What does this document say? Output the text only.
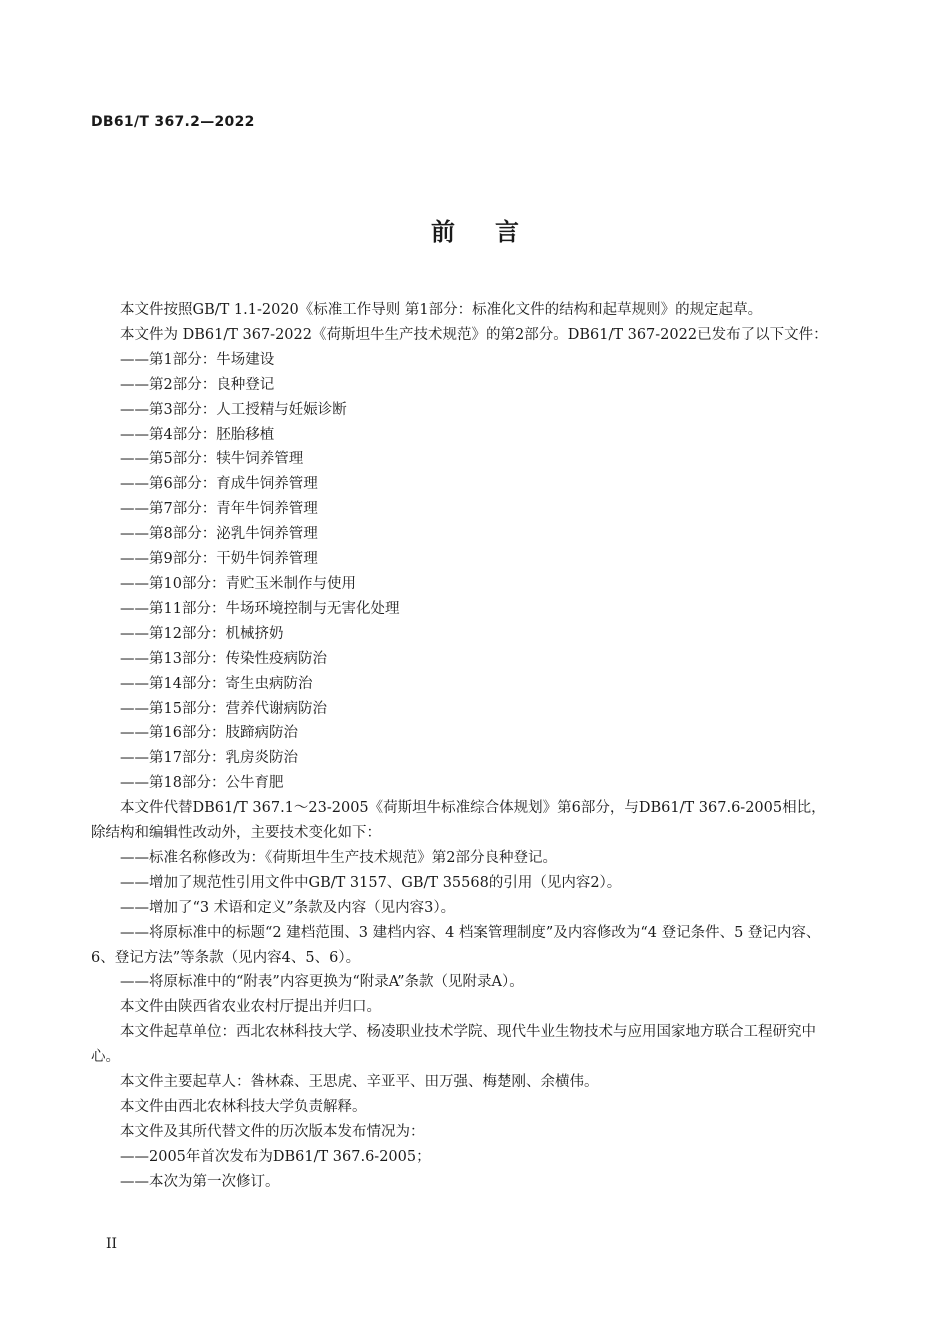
DB61/T 367.2—2022
前言

本文件按照GB/T 1.1-2020《标准工作导则 第1部分：标准化文件的结构和起草规则》的规定起草。

本文件为 DB61/T 367-2022《荷斯坦牛生产技术规范》的第2部分。DB61/T 367-2022已发布了以下文件：

——第1部分：牛场建设
——第2部分：良种登记
——第3部分：人工授精与妊娠诊断
——第4部分：胚胎移植
——第5部分：犊牛饲养管理
——第6部分：育成牛饲养管理
——第7部分：青年牛饲养管理
——第8部分：泌乳牛饲养管理
——第9部分：干奶牛饲养管理
——第10部分：青贮玉米制作与使用
——第11部分：牛场环境控制与无害化处理
——第12部分：机械挤奶
——第13部分：传染性疫病防治
——第14部分：寄生虫病防治
——第15部分：营养代谢病防治
——第16部分：肢蹄病防治
——第17部分：乳房炎防治
——第18部分：公牛育肥

本文件代替DB61/T 367.1～23-2005《荷斯坦牛标准综合体规划》第6部分，与DB61/T 367.6-2005相比，除结构和编辑性改动外，主要技术变化如下：

——标准名称修改为：《荷斯坦牛生产技术规范》第2部分良种登记。
——增加了规范性引用文件中GB/T 3157、GB/T 35568的引用（见内容2）。
——增加了“3 术语和定义”条款及内容（见内容3）。
——将原标准中的标题“2 建档范围、3 建档内容、4 档案管理制度”及内容修改为“4 登记条件、5 登记内容、6、登记方法”等条款（见内容4、5、6）。
——将原标准中的“附表”内容更换为“附录A”条款（见附录A）。

本文件由陕西省农业农村厅提出并归口。

本文件起草单位：西北农林科技大学、杨凌职业技术学院、现代牛业生物技术与应用国家地方联合工程研究中心。

本文件主要起草人：昝林森、王思虎、辛亚平、田万强、梅楚刚、余横伟。

本文件由西北农林科技大学负责解释。

本文件及其所代替文件的历次版本发布情况为：

——2005年首次发布为DB61/T 367.6-2005；
——本次为第一次修订。
II
